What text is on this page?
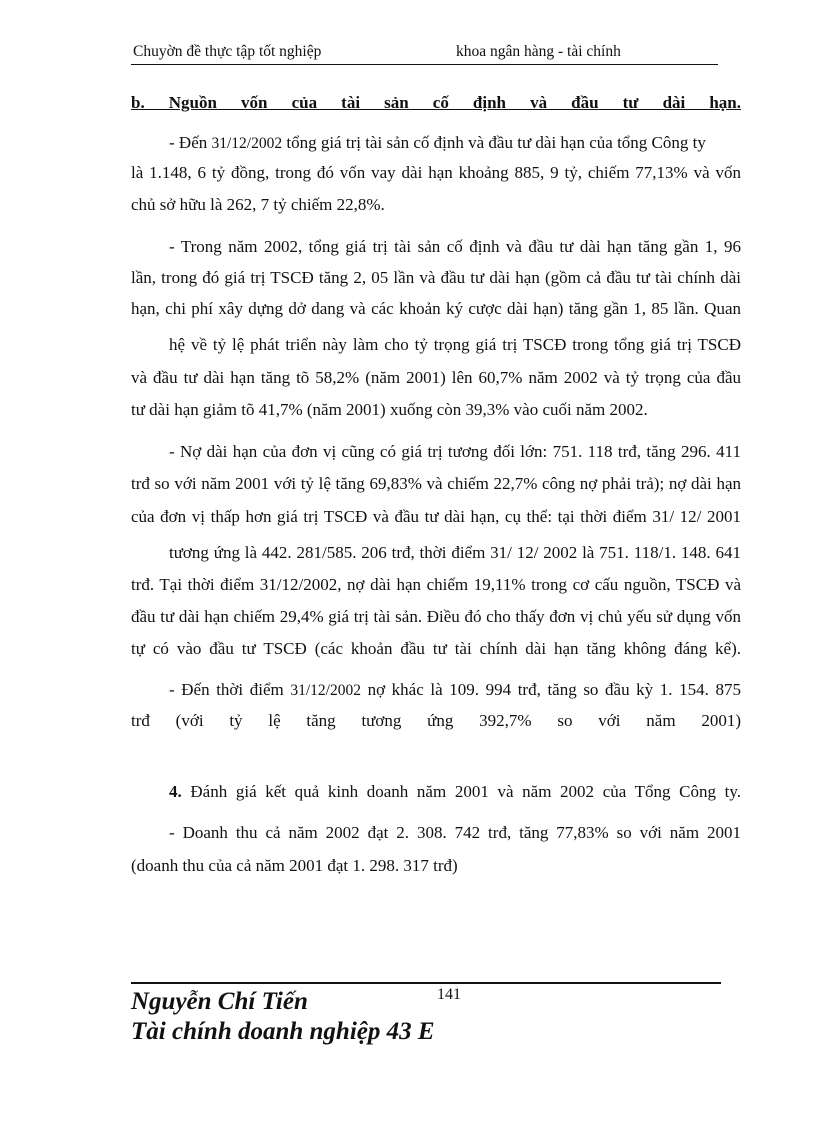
Chuyờn đề thực tập tốt nghiệp	khoa ngân hàng - tài chính
b. Nguồn vốn của tài sản cố định và đầu tư dài hạn.
- Đến 31/12/2002 tổng giá trị tài sản cố định và đầu tư dài hạn của tổng Công ty
là 1.148, 6 tỷ đồng, trong đó vốn vay dài hạn khoảng 885, 9 tỷ, chiếm 77,13% và vốn
chủ sở hữu là 262, 7 tỷ chiếm 22,8%.
- Trong năm 2002, tổng giá trị tài sản cố định và đầu tư dài hạn tăng gần 1, 96
lần, trong đó giá trị TSCĐ tăng 2, 05 lần và đầu tư dài hạn (gồm cả đầu tư tài chính dài
hạn, chi phí xây dựng dở dang và các khoản ký cược dài hạn) tăng gần 1, 85 lần. Quan
hệ về tỷ lệ phát triển này làm cho tỷ trọng giá trị TSCĐ trong tổng giá trị TSCĐ
và đầu tư dài hạn tăng tõ 58,2% (năm 2001) lên 60,7% năm 2002 và tỷ trọng của đầu
tư dài hạn giảm tõ 41,7% (năm 2001) xuống còn 39,3% vào cuối năm 2002.
- Nợ dài hạn của đơn vị cũng có giá trị tương đối lớn: 751. 118 trđ, tăng 296. 411
trđ so với năm 2001 với tỷ lệ tăng 69,83% và chiếm 22,7% công nợ phải trả); nợ dài hạn
của đơn vị thấp hơn giá trị TSCĐ và đầu tư dài hạn, cụ thể: tại thời điểm 31/ 12/ 2001
tương ứng là 442. 281/585. 206 trđ, thời điểm 31/ 12/ 2002 là 751. 118/1. 148. 641
trđ. Tại thời điểm 31/12/2002, nợ dài hạn chiếm 19,11% trong cơ cấu nguồn, TSCĐ và
đầu tư dài hạn chiếm 29,4% giá trị tài sản. Điều đó cho thấy đơn vị chủ yếu sử dụng vốn
tự có vào đầu tư TSCĐ (các khoản đầu tư tài chính dài hạn tăng không đáng kể).
- Đến thời điểm 31/12/2002 nợ khác là 109. 994 trđ, tăng so đầu kỳ 1. 154. 875
trđ (với tỷ lệ tăng tương ứng 392,7% so với năm 2001)
4. Đánh giá kết quả kinh doanh năm 2001 và năm 2002 của Tổng Công ty.
- Doanh thu cả năm 2002 đạt 2. 308. 742 trđ, tăng 77,83% so với năm 2001
(doanh thu của cả năm 2001 đạt 1. 298. 317 trđ)
141
Nguyễn Chí Tiến
Tài chính doanh nghiệp 43 E
